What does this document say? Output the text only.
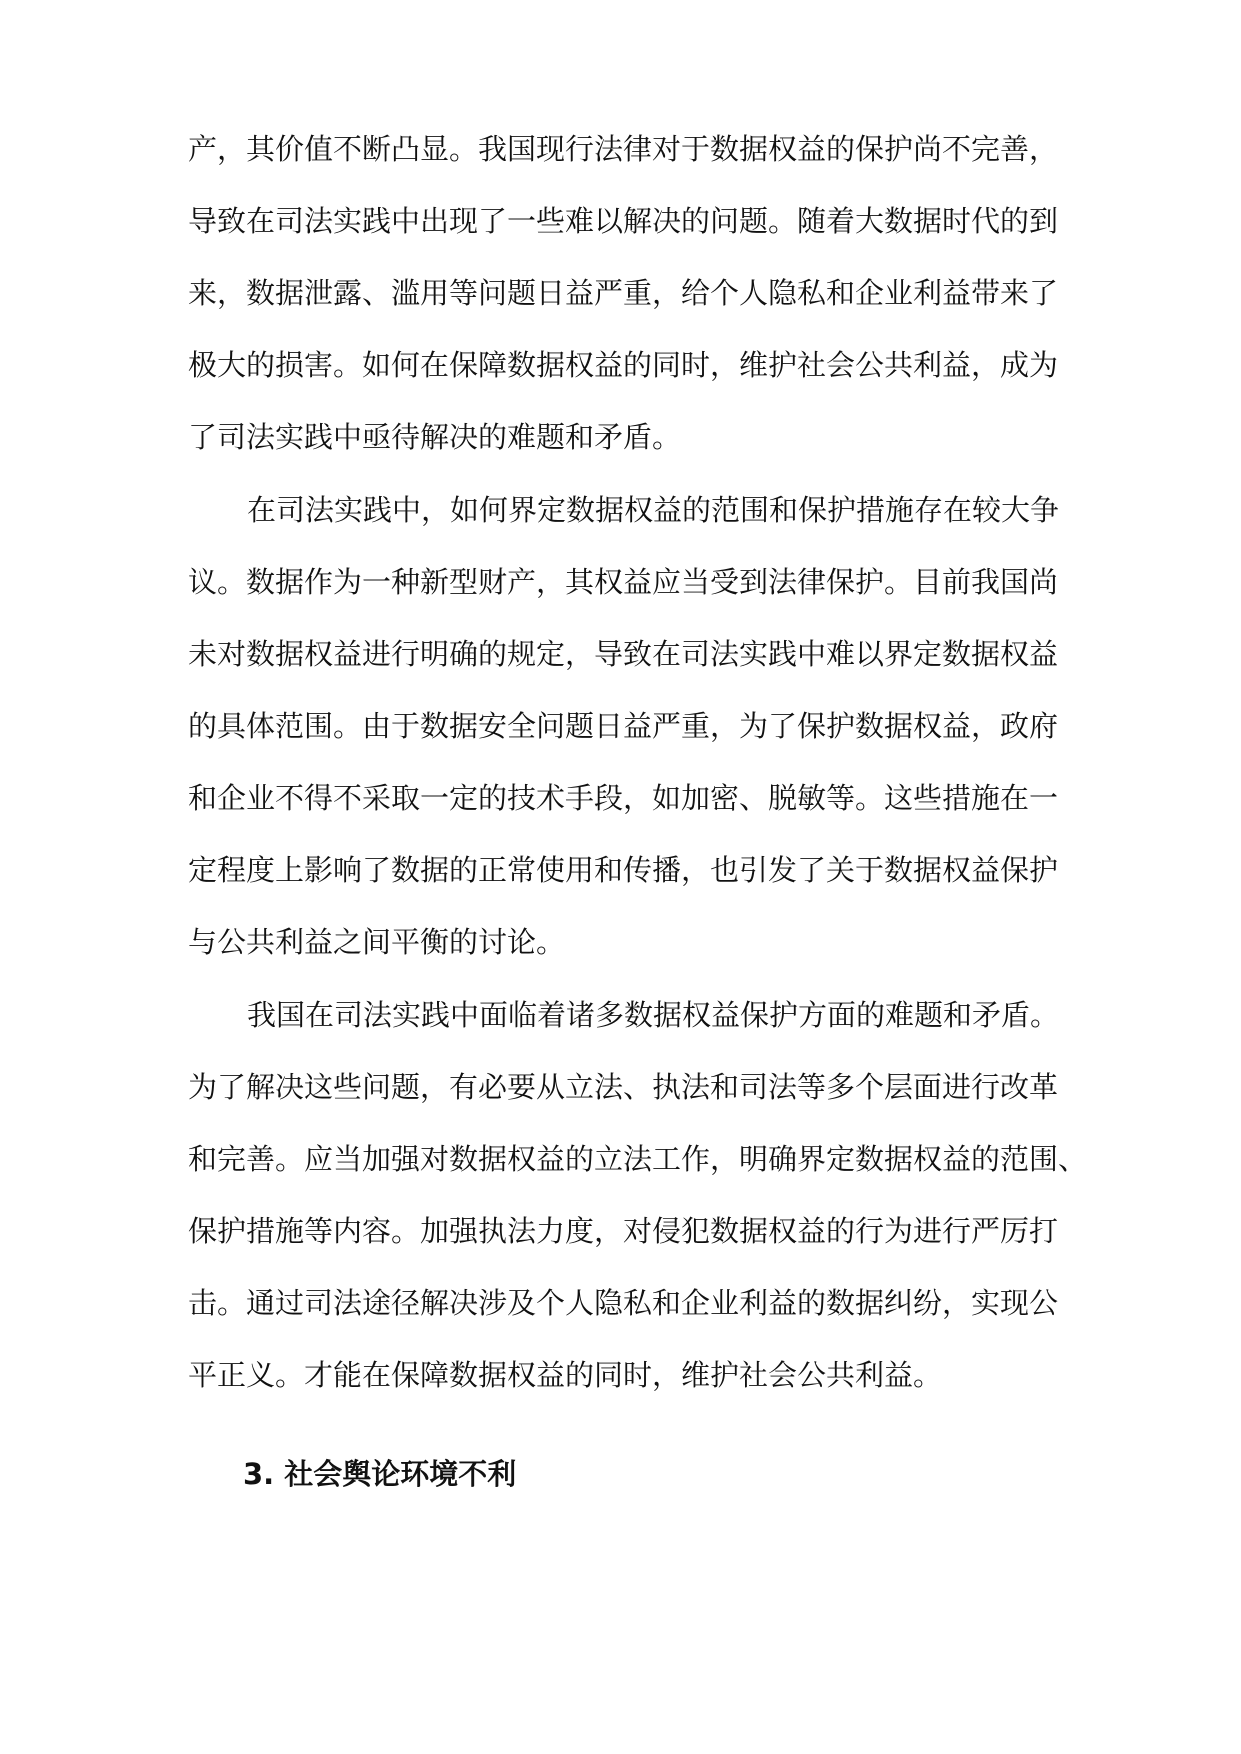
产，其价值不断凸显。我国现行法律对于数据权益的保护尚不完善，
导致在司法实践中出现了一些难以解决的问题。随着大数据时代的到
来，数据泄露、滥用等问题日益严重，给个人隐私和企业利益带来了
极大的损害。如何在保障数据权益的同时，维护社会公共利益，成为
了司法实践中亟待解决的难题和矛盾。
在司法实践中，如何界定数据权益的范围和保护措施存在较大争
议。数据作为一种新型财产，其权益应当受到法律保护。目前我国尚
未对数据权益进行明确的规定，导致在司法实践中难以界定数据权益
的具体范围。由于数据安全问题日益严重，为了保护数据权益，政府
和企业不得不采取一定的技术手段，如加密、脱敏等。这些措施在一
定程度上影响了数据的正常使用和传播，也引发了关于数据权益保护
与公共利益之间平衡的讨论。
我国在司法实践中面临着诸多数据权益保护方面的难题和矛盾。
为了解决这些问题，有必要从立法、执法和司法等多个层面进行改革
和完善。应当加强对数据权益的立法工作，明确界定数据权益的范围、
保护措施等内容。加强执法力度，对侵犯数据权益的行为进行严厉打
击。通过司法途径解决涉及个人隐私和企业利益的数据纠纷，实现公
平正义。才能在保障数据权益的同时，维护社会公共利益。
3. 社会舆论环境不利
